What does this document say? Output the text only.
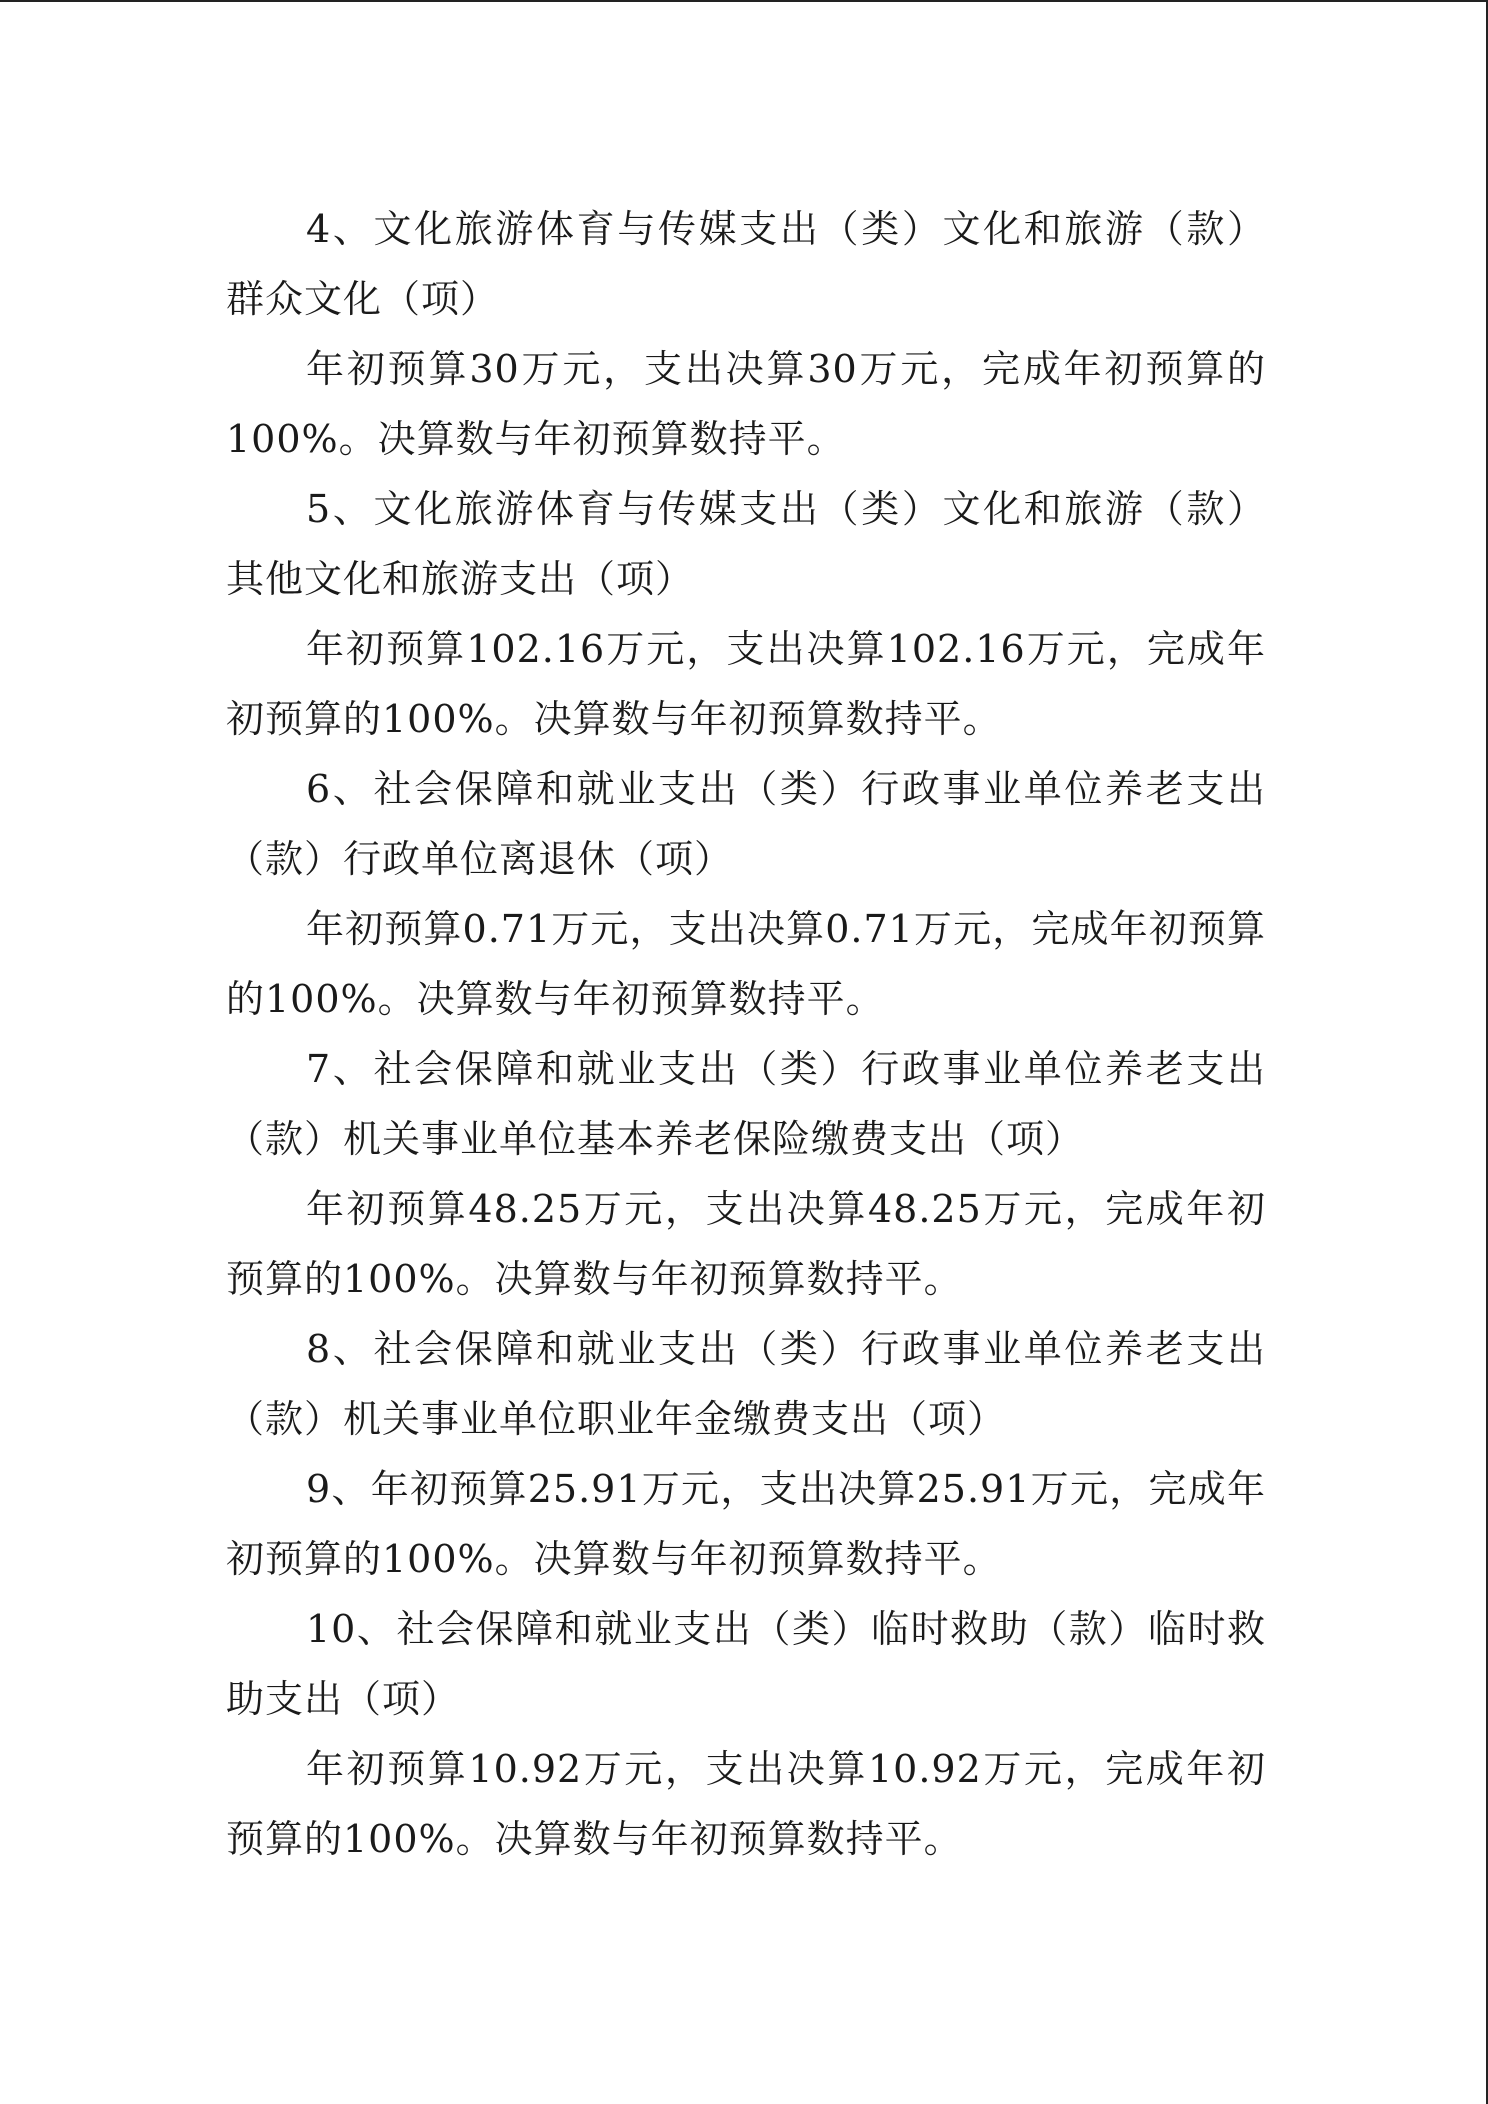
4、文化旅游体育与传媒支出（类）文化和旅游（款）群众文化（项）

年初预算30万元，支出决算30万元，完成年初预算的100%。决算数与年初预算数持平。

5、文化旅游体育与传媒支出（类）文化和旅游（款）其他文化和旅游支出（项）

年初预算102.16万元，支出决算102.16万元，完成年初预算的100%。决算数与年初预算数持平。

6、社会保障和就业支出（类）行政事业单位养老支出（款）行政单位离退休（项）

年初预算0.71万元，支出决算0.71万元，完成年初预算的100%。决算数与年初预算数持平。

7、社会保障和就业支出（类）行政事业单位养老支出（款）机关事业单位基本养老保险缴费支出（项）

年初预算48.25万元，支出决算48.25万元，完成年初预算的100%。决算数与年初预算数持平。

8、社会保障和就业支出（类）行政事业单位养老支出（款）机关事业单位职业年金缴费支出（项）

9、年初预算25.91万元，支出决算25.91万元，完成年初预算的100%。决算数与年初预算数持平。

10、社会保障和就业支出（类）临时救助（款）临时救助支出（项）

年初预算10.92万元，支出决算10.92万元，完成年初预算的100%。决算数与年初预算数持平。
